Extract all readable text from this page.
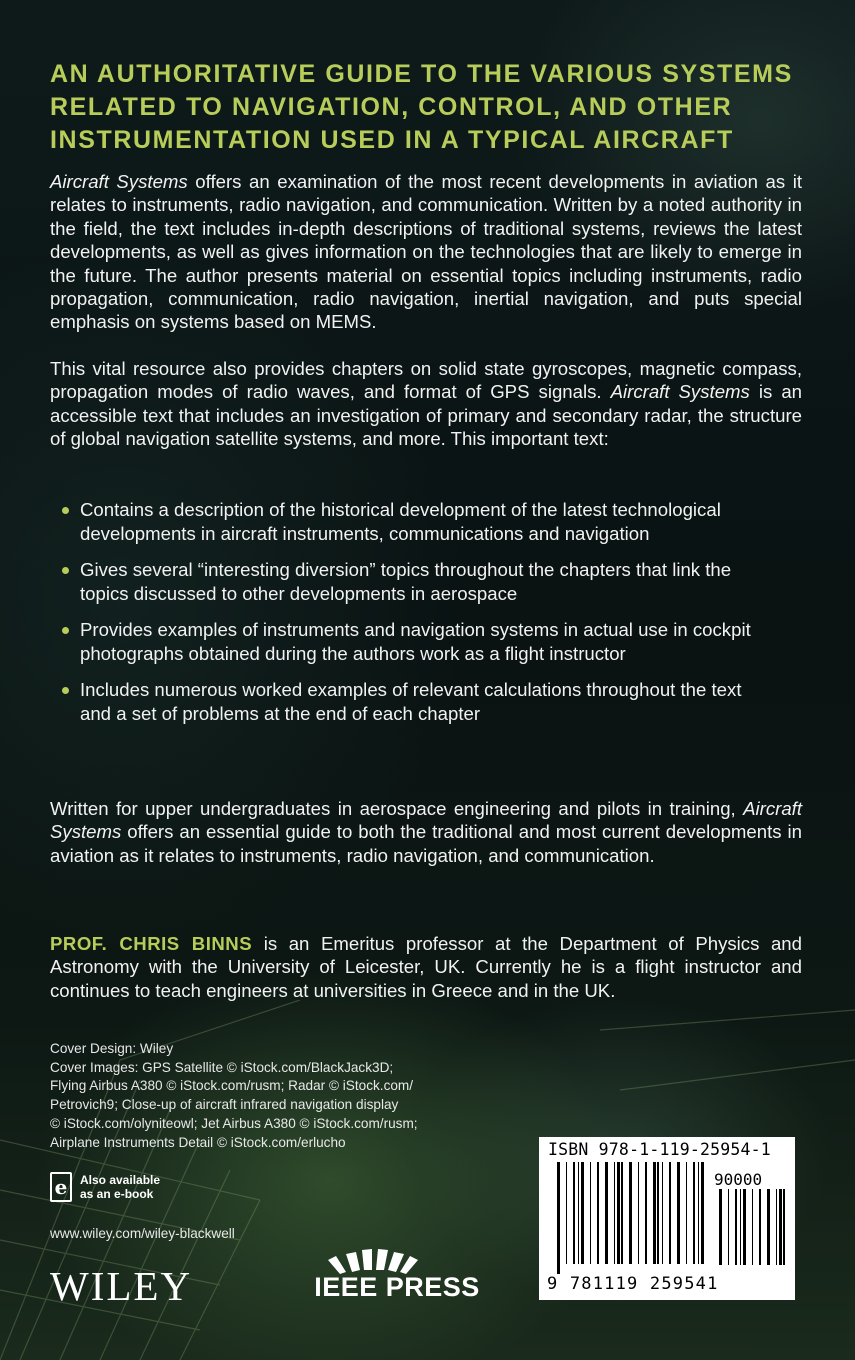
AN AUTHORITATIVE GUIDE TO THE VARIOUS SYSTEMS RELATED TO NAVIGATION, CONTROL, AND OTHER INSTRUMENTATION USED IN A TYPICAL AIRCRAFT

Aircraft Systems offers an examination of the most recent developments in aviation as it relates to instruments, radio navigation, and communication. Written by a noted authority in the field, the text includes in-depth descriptions of traditional systems, reviews the latest developments, as well as gives information on the technologies that are likely to emerge in the future. The author presents material on essential topics including instruments, radio propagation, communication, radio navigation, inertial navigation, and puts special emphasis on systems based on MEMS.

This vital resource also provides chapters on solid state gyroscopes, magnetic compass, propagation modes of radio waves, and format of GPS signals. Aircraft Systems is an accessible text that includes an investigation of primary and secondary radar, the structure of global navigation satellite systems, and more. This important text:

Contains a description of the historical development of the latest technological developments in aircraft instruments, communications and navigation
Gives several “interesting diversion” topics throughout the chapters that link the topics discussed to other developments in aerospace
Provides examples of instruments and navigation systems in actual use in cockpit photographs obtained during the authors work as a flight instructor
Includes numerous worked examples of relevant calculations throughout the text and a set of problems at the end of each chapter

Written for upper undergraduates in aerospace engineering and pilots in training, Aircraft Systems offers an essential guide to both the traditional and most current developments in aviation as it relates to instruments, radio navigation, and communication.

PROF. CHRIS BINNS is an Emeritus professor at the Department of Physics and Astronomy with the University of Leicester, UK. Currently he is a flight instructor and continues to teach engineers at universities in Greece and in the UK.

Cover Design: Wiley
Cover Images: GPS Satellite © iStock.com/BlackJack3D;
Flying Airbus A380 © iStock.com/rusm; Radar © iStock.com/
Petrovich9; Close-up of aircraft infrared navigation display
© iStock.com/olyniteowl; Jet Airbus A380 © iStock.com/rusm;
Airplane Instruments Detail © iStock.com/erlucho
e	Also available as an e-book

www.wiley.com/wiley-blackwell

WILEY	IEEE PRESS
ISBN 978-1-119-25954-1
90000
9 781119 259541
